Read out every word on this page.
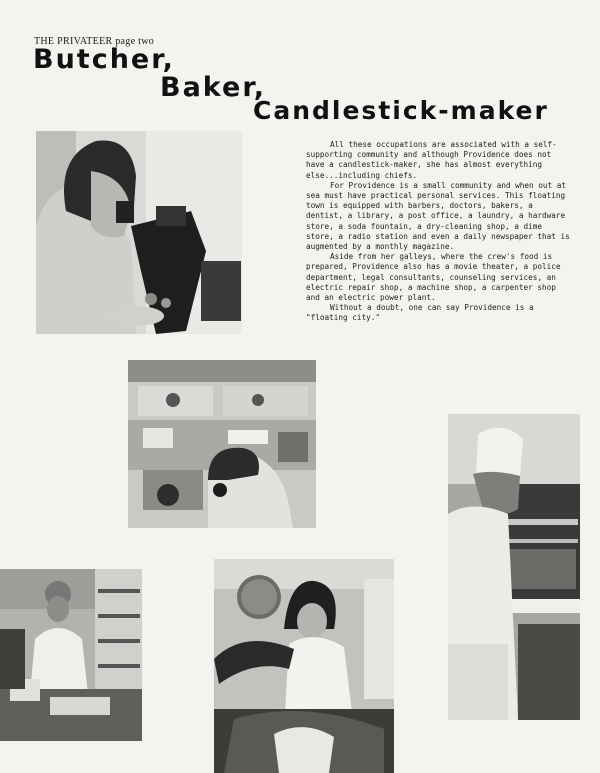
THE PRIVATEER page two
Butcher,
Baker,
Candlestick-maker

All these occupations are associated with a self-supporting community and although Providence does not have a candlestick-maker, she has almost everything else...including chiefs.

For Providence is a small community and when out at sea must have practical personal services. This floating town is equipped with barbers, doctors, bakers, a dentist, a library, a post office, a laundry, a hardware store, a soda fountain, a dry-cleaning shop, a dime store, a radio station and even a daily newspaper that is augmented by a monthly magazine.

Aside from her galleys, where the crew's food is prepared, Providence also has a movie theater, a police department, legal consultants, counseling services, an electric repair shop, a machine shop, a carpenter shop and an electric power plant.

Without a doubt, one can say Providence is a "floating city."
